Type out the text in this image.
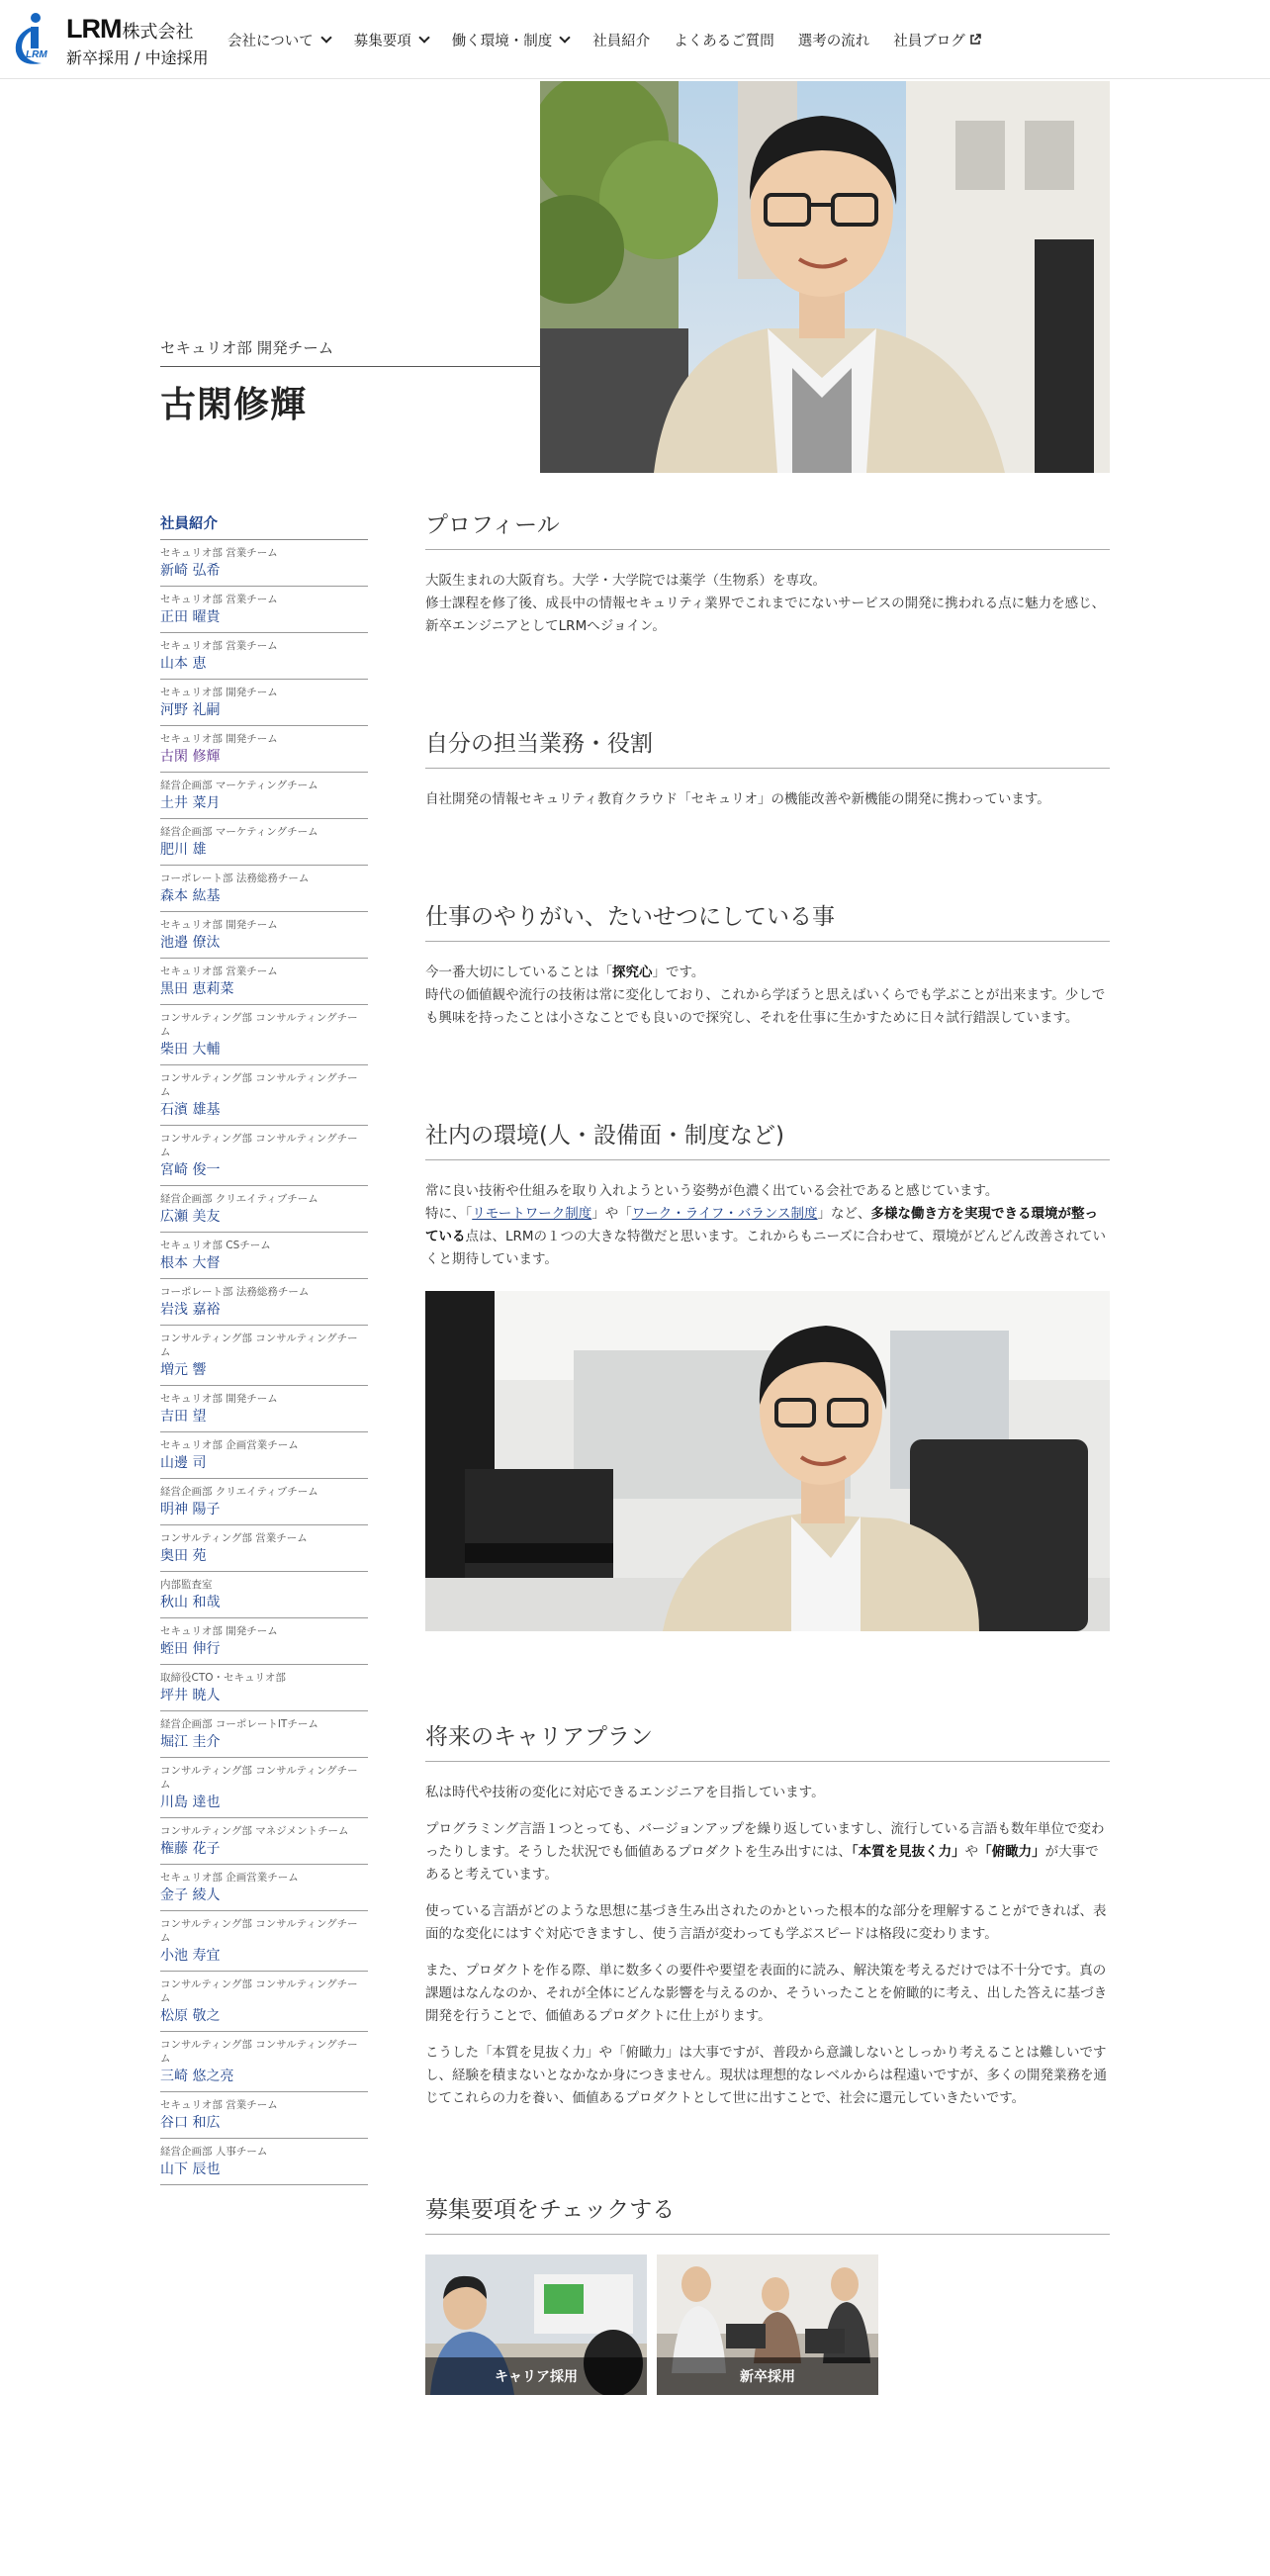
LRM
LRM株式会社
新卒採用 / 中途採用
会社について	募集要項	働く環境・制度	社員紹介 よくあるご質問 選考の流れ 社員ブログ
セキュリオ部 開発チーム
古閑修輝
社員紹介
セキュリオ部 営業チーム
新崎 弘希
セキュリオ部 営業チーム
正田 曜貴
セキュリオ部 営業チーム
山本 恵
セキュリオ部 開発チーム
河野 礼嗣
セキュリオ部 開発チーム
古閑 修輝
経営企画部 マーケティングチーム
土井 菜月
経営企画部 マーケティングチーム
肥川 雄
コーポレート部 法務総務チーム
森本 紘基
セキュリオ部 開発チーム
池邉 僚汰
セキュリオ部 営業チーム
黒田 恵莉菜
コンサルティング部 コンサルティングチーム
柴田 大輔
コンサルティング部 コンサルティングチーム
石濱 雄基
コンサルティング部 コンサルティングチーム
宮崎 俊一
経営企画部 クリエイティブチーム
広瀬 美友
セキュリオ部 CSチーム
根本 大督
コーポレート部 法務総務チーム
岩浅 嘉裕
コンサルティング部 コンサルティングチーム
増元 響
セキュリオ部 開発チーム
吉田 望
セキュリオ部 企画営業チーム
山邊 司
経営企画部 クリエイティブチーム
明神 陽子
コンサルティング部 営業チーム
奥田 苑
内部監査室
秋山 和哉
セキュリオ部 開発チーム
蛭田 伸行
取締役CTO・セキュリオ部
坪井 暁人
経営企画部 コーポレートITチーム
堀江 圭介
コンサルティング部 コンサルティングチーム
川島 達也
コンサルティング部 マネジメントチーム
権藤 花子
セキュリオ部 企画営業チーム
金子 綾人
コンサルティング部 コンサルティングチーム
小池 寿宜
コンサルティング部 コンサルティングチーム
松原 敬之
コンサルティング部 コンサルティングチーム
三崎 悠之亮
セキュリオ部 営業チーム
谷口 和広
経営企画部 人事チーム
山下 辰也
プロフィール

大阪生まれの大阪育ち。大学・大学院では薬学（生物系）を専攻。
修士課程を修了後、成長中の情報セキュリティ業界でこれまでにないサービスの開発に携われる点に魅力を感じ、新卒エンジニアとしてLRMへジョイン。

自分の担当業務・役割

自社開発の情報セキュリティ教育クラウド「セキュリオ」の機能改善や新機能の開発に携わっています。

仕事のやりがい、たいせつにしている事

今一番大切にしていることは「探究心」です。

時代の価値観や流行の技術は常に変化しており、これから学ぼうと思えばいくらでも学ぶことが出来ます。少しでも興味を持ったことは小さなことでも良いので探究し、それを仕事に生かすために日々試行錯誤しています。

社内の環境(人・設備面・制度など)

常に良い技術や仕組みを取り入れようという姿勢が色濃く出ている会社であると感じています。

特に、「リモートワーク制度」や「ワーク・ライフ・バランス制度」など、多様な働き方を実現できる環境が整っている点は、LRMの１つの大きな特徴だと思います。これからもニーズに合わせて、環境がどんどん改善されていくと期待しています。

将来のキャリアプラン

私は時代や技術の変化に対応できるエンジニアを目指しています。

プログラミング言語１つとっても、バージョンアップを繰り返していますし、流行している言語も数年単位で変わったりします。そうした状況でも価値あるプロダクトを生み出すには、「本質を見抜く力」や「俯瞰力」が大事であると考えています。

使っている言語がどのような思想に基づき生み出されたのかといった根本的な部分を理解することができれば、表面的な変化にはすぐ対応できますし、使う言語が変わっても学ぶスピードは格段に変わります。

また、プロダクトを作る際、単に数多くの要件や要望を表面的に読み、解決策を考えるだけでは不十分です。真の課題はなんなのか、それが全体にどんな影響を与えるのか、そういったことを俯瞰的に考え、出した答えに基づき開発を行うことで、価値あるプロダクトに仕上がります。

こうした「本質を見抜く力」や「俯瞰力」は大事ですが、普段から意識しないとしっかり考えることは難しいですし、経験を積まないとなかなか身につきません。現状は理想的なレベルからは程遠いですが、多くの開発業務を通じてこれらの力を養い、価値あるプロダクトとして世に出すことで、社会に還元していきたいです。

募集要項をチェックする
キャリア採用	新卒採用
